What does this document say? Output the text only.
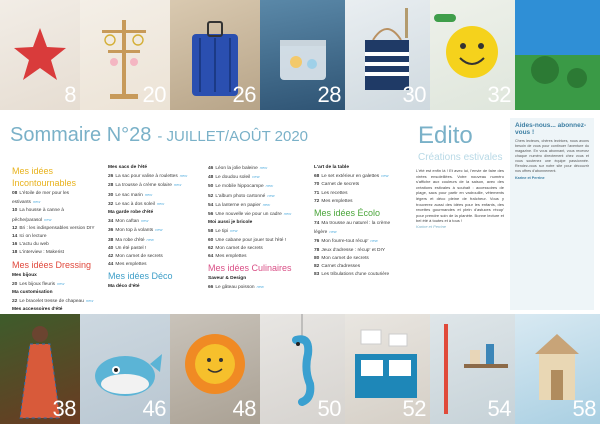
8	20	26	28	30	32
Sommaire N°28 - JUILLET/AOÛT 2020
Mes idées Incontournables
08 L'étoile de mer pour les estivants new
10 La housse à canne à pêche/parasol new
12 Bri : les indispensables version DIY
14 Ici on lecture
16 L'actu du web
18 L'interview : Makerist
Mes idées Dressing
Mes bijoux
20 Les bijoux fleuris new
Ma customisation
22 Le bracelet tresse de chapeau new
Mes accessoires d'été
Mes sacs de l'été
26 La sac pour valise à roulettes new
28 La trousse à crème solaire new
30 Le sac marin new
32 Le sac à dos soleil new
Ma garde robe d'été
34 Mon caftan new
36 Mon top à volants new
38 Ma robe d'été new
40 Un été pastel !
42 Mon carnet de secrets
44 Mes emplettes
Mes idées Déco
Ma déco d'été
46 Léon la jolie baleine new
48 Le doudou soleil new
50 Le mobile hippocampe new
52 L'album photo cartonné new
54 La lanterne en papier new
56 Une nouvelle vie pour un cadre new
Moi aussi je bricole
58 Le tipi new
60 Une cabane pour jouer tout l'été !
62 Mon carnet de secrets
64 Mes emplettes
Mes idées Culinaires
Saveur & Design
66 Le gâteau poisson new
L'art de la table
68 Le set extérieur en galettes new
70 Carnet de secrets
71 Les recettes
72 Mes emplettes
Mes idées Écolo
74 Ma trousse au naturel : la crème légère new
76 Mon fourre-tout récup' new
78 Jeux d'adresse : récup' et DIY
80 Mon carnet de secrets
82 Carnet d'adresses
83 Les tribulations d'une couturière
Edito
Créations estivales

L'été est enfin là ! Et avec lui, l'envie de faire des virées ensoleillées. Votre nouveau numéro s'affiche aux couleurs de la saison, avec des créations estivales à souhait : accessoires de plage, sacs pour partir en vadrouille, vêtements légers et déco pleine de fraîcheur. Vous y trouverez aussi des idées pour les enfants, des recettes gourmandes et plein d'astuces récup' pour prendre soin de la planète. Bonne lecture et bel été à toutes et à tous !

Karine et Perrine

Aides-nous... abonnez-vous !
Chers lecteurs, chères lectrices, nous avons besoin de vous pour continuer l'aventure du magazine. En vous abonnant, vous recevez chaque numéro directement chez vous et vous soutenez une équipe passionnée. Rendez-vous sur notre site pour découvrir nos offres d'abonnement.
Karine et Perrine
38	46	48	50	52	54	58
